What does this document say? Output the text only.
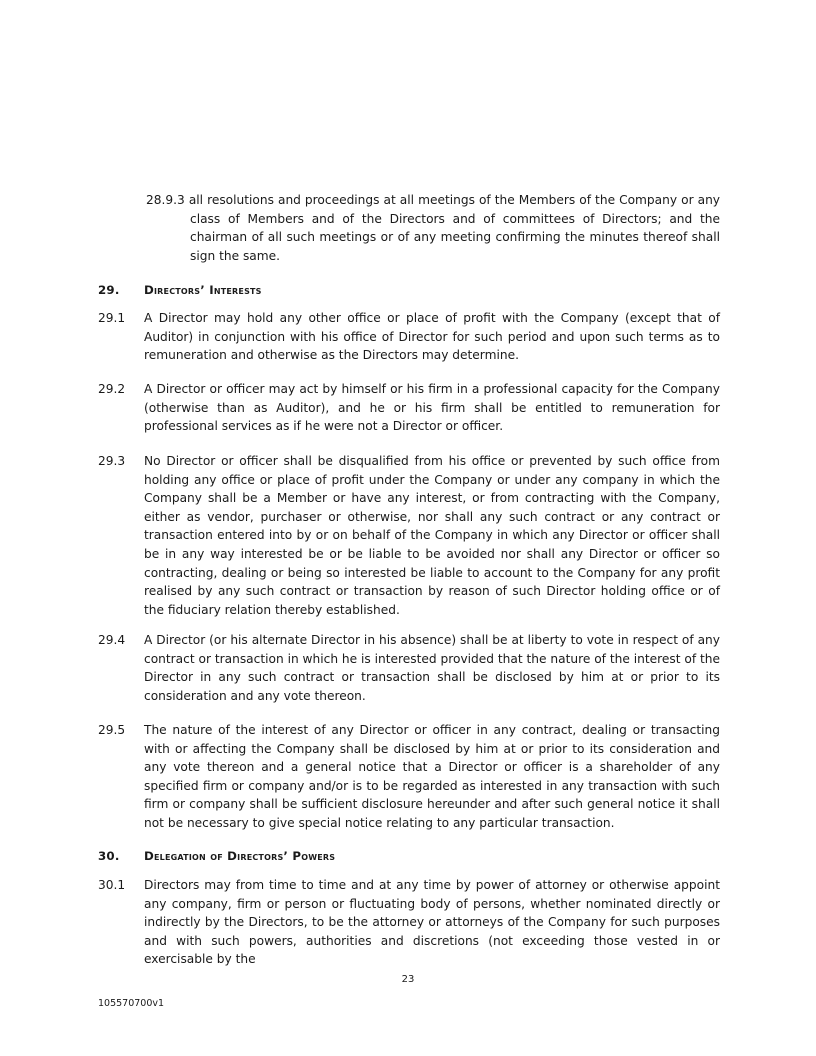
28.9.3 all resolutions and proceedings at all meetings of the Members of the Company or any class of Members and of the Directors and of committees of Directors; and the chairman of all such meetings or of any meeting confirming the minutes thereof shall sign the same.
29. Directors’ Interests
29.1 A Director may hold any other office or place of profit with the Company (except that of Auditor) in conjunction with his office of Director for such period and upon such terms as to remuneration and otherwise as the Directors may determine.
29.2 A Director or officer may act by himself or his firm in a professional capacity for the Company (otherwise than as Auditor), and he or his firm shall be entitled to remuneration for professional services as if he were not a Director or officer.
29.3 No Director or officer shall be disqualified from his office or prevented by such office from holding any office or place of profit under the Company or under any company in which the Company shall be a Member or have any interest, or from contracting with the Company, either as vendor, purchaser or otherwise, nor shall any such contract or any contract or transaction entered into by or on behalf of the Company in which any Director or officer shall be in any way interested be or be liable to be avoided nor shall any Director or officer so contracting, dealing or being so interested be liable to account to the Company for any profit realised by any such contract or transaction by reason of such Director holding office or of the fiduciary relation thereby established.
29.4 A Director (or his alternate Director in his absence) shall be at liberty to vote in respect of any contract or transaction in which he is interested provided that the nature of the interest of the Director in any such contract or transaction shall be disclosed by him at or prior to its consideration and any vote thereon.
29.5 The nature of the interest of any Director or officer in any contract, dealing or transacting with or affecting the Company shall be disclosed by him at or prior to its consideration and any vote thereon and a general notice that a Director or officer is a shareholder of any specified firm or company and/or is to be regarded as interested in any transaction with such firm or company shall be sufficient disclosure hereunder and after such general notice it shall not be necessary to give special notice relating to any particular transaction.
30. Delegation of Directors’ Powers
30.1 Directors may from time to time and at any time by power of attorney or otherwise appoint any company, firm or person or fluctuating body of persons, whether nominated directly or indirectly by the Directors, to be the attorney or attorneys of the Company for such purposes and with such powers, authorities and discretions (not exceeding those vested in or exercisable by the
23
105570700v1
